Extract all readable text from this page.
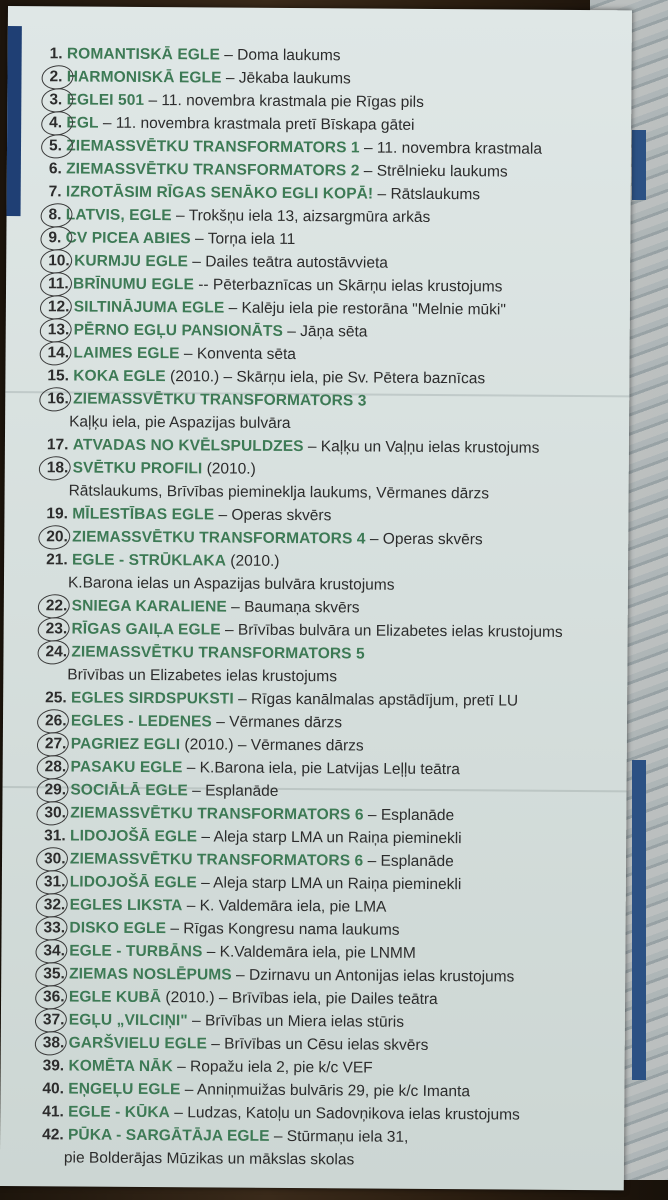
1. ROMANTISKĀ EGLE – Doma laukums
2. HARMONISKĀ EGLE – Jēkaba laukums
3. EGLEI 501 – 11. novembra krastmala pie Rīgas pils
4. EGL – 11. novembra krastmala pretī Bīskapa gātei
5. ZIEMASSVĒTKU TRANSFORMATORS 1 – 11. novembra krastmala
6. ZIEMASSVĒTKU TRANSFORMATORS 2 – Strēlnieku laukums
7. IZROTĀSIM RĪGAS SENĀKO EGLI KOPĀ! – Rātslaukums
8. LATVIS, EGLE – Trokšņu iela 13, aizsargmūra arkās
9. CV PICEA ABIES – Torņa iela 11
10. KURMJU EGLE – Dailes teātra autostāvvieta
11. BRĪNUMU EGLE -- Pēterbaznīcas un Skārņu ielas krustojums
12. SILTINĀJUMA EGLE – Kalēju iela pie restorāna "Melnie mūki"
13. PĒRNO EGĻU PANSIONĀTS – Jāņa sēta
14. LAIMES EGLE – Konventa sēta
15. KOKA EGLE (2010.) – Skārņu iela, pie Sv. Pētera baznīcas
16. ZIEMASSVĒTKU TRANSFORMATORS 3
Kaļķu iela, pie Aspazijas bulvāra
17. ATVADAS NO KVĒLSPULDZES – Kaļķu un Vaļņu ielas krustojums
18. SVĒTKU PROFILI (2010.)
Rātslaukums, Brīvības piemineklja laukums, Vērmanes dārzs
19. MĪLESTĪBAS EGLE – Operas skvērs
20. ZIEMASSVĒTKU TRANSFORMATORS 4 – Operas skvērs
21. EGLE - STRŪKLAKA (2010.)
K.Barona ielas un Aspazijas bulvāra krustojums
22. SNIEGA KARALIENE – Baumaņa skvērs
23. RĪGAS GAIĻA EGLE – Brīvības bulvāra un Elizabetes ielas krustojums
24. ZIEMASSVĒTKU TRANSFORMATORS 5
Brīvības un Elizabetes ielas krustojums
25. EGLES SIRDSPUKSTI – Rīgas kanālmalas apstādījum, pretī LU
26. EGLES - LEDENES – Vērmanes dārzs
27. PAGRIEZ EGLI (2010.) – Vērmanes dārzs
28. PASAKU EGLE – K.Barona iela, pie Latvijas Leļļu teātra
29. SOCIĀLĀ EGLE – Esplanāde
30. ZIEMASSVĒTKU TRANSFORMATORS 6 – Esplanāde
31. LIDOJOŠĀ EGLE – Aleja starp LMA un Raiņa pieminekli
30. ZIEMASSVĒTKU TRANSFORMATORS 6 – Esplanāde
31. LIDOJOŠĀ EGLE – Aleja starp LMA un Raiņa pieminekli
32. EGLES LIKSTA – K. Valdemāra iela, pie LMA
33. DISKO EGLE – Rīgas Kongresu nama laukums
34. EGLE - TURBĀNS – K.Valdemāra iela, pie LNMM
35. ZIEMAS NOSLĒPUMS – Dzirnavu un Antonijas ielas krustojums
36. EGLE KUBĀ (2010.) – Brīvības iela, pie Dailes teātra
37. EGĻU „VILCIŅI" – Brīvības un Miera ielas stūris
38. GARŠVIELU EGLE – Brīvības un Cēsu ielas skvērs
39. KOMĒTA NĀK – Ropažu iela 2, pie k/c VEF
40. EŅGEĻU EGLE – Anniņmuižas bulvāris 29, pie k/c Imanta
41. EGLE - KŪKA – Ludzas, Katoļu un Sadovņikova ielas krustojums
42. PŪKA - SARGĀTĀJA EGLE – Stūrmaņu iela 31,
pie Bolderājas Mūzikas un mākslas skolas
